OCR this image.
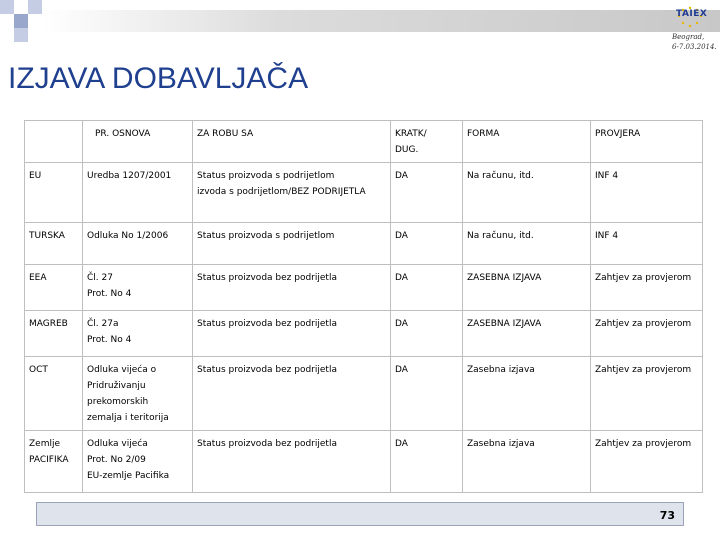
TAIEX
Beograd,
6-7.03.2014.
IZJAVA DOBAVLJAČA

	PR. OSNOVA	ZA ROBU SA	KRATK/
DUG.	FORMA	PROVJERA

EU	Uredba 1207/2001	Status proizvoda s podrijetlom
izvoda s podrijetlom/BEZ PODRIJETLA	DA	Na računu, itd.	INF 4

TURSKA	Odluka No 1/2006	Status proizvoda s podrijetlom	DA	Na računu, itd.	INF 4

EEA	Čl. 27
Prot. No 4	Status proizvoda bez podrijetla	DA	ZASEBNA IZJAVA	Zahtjev za provjerom

MAGREB	Čl. 27a
Prot. No 4	Status proizvoda bez podrijetla	DA	ZASEBNA IZJAVA	Zahtjev za provjerom

OCT	Odluka vijeća o
Pridruživanju
prekomorskih
zemalja i teritorija	Status proizvoda bez podrijetla	DA	Zasebna izjava	Zahtjev za provjerom

Zemlje
PACIFIKA	Odluka vijeća
Prot. No 2/09
EU-zemlje Pacifika	Status proizvoda bez podrijetla	DA	Zasebna izjava	Zahtjev za provjerom
73
